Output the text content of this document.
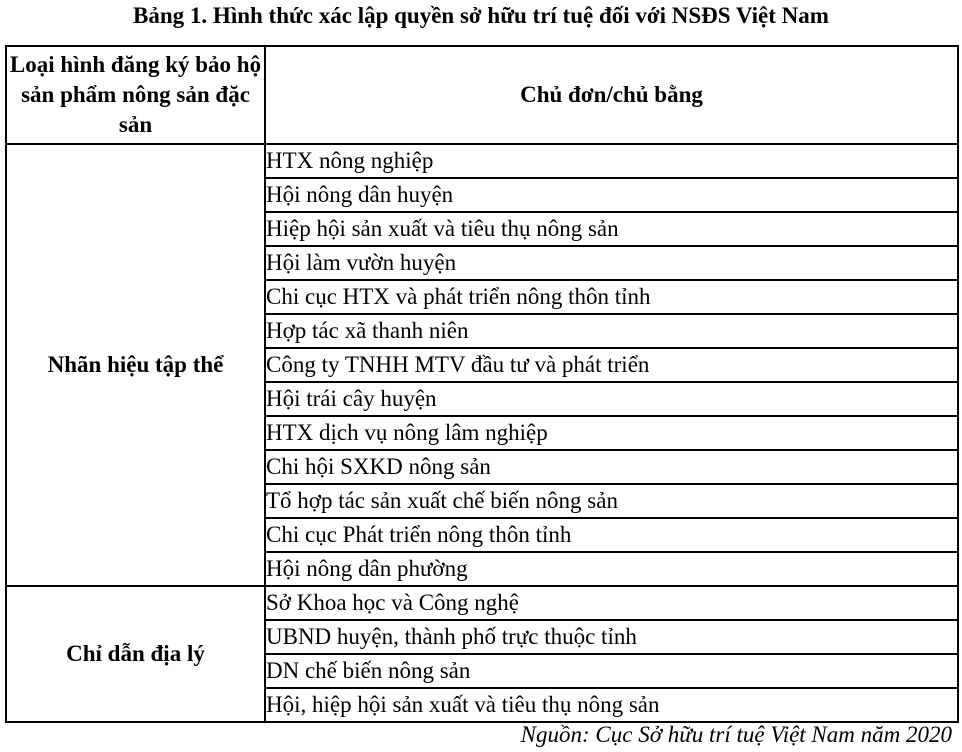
Bảng 1. Hình thức xác lập quyền sở hữu trí tuệ đối với NSĐS Việt Nam
Loại hình đăng ký bảo hộ sản phẩm nông sản đặc sản	Chủ đơn/chủ bằng
Nhãn hiệu tập thể	HTX nông nghiệp
	Hội nông dân huyện
	Hiệp hội sản xuất và tiêu thụ nông sản
	Hội làm vườn huyện
	Chi cục HTX và phát triển nông thôn tỉnh
	Hợp tác xã thanh niên
	Công ty TNHH MTV đầu tư và phát triển
	Hội trái cây huyện
	HTX dịch vụ nông lâm nghiệp
	Chi hội SXKD nông sản
	Tổ hợp tác sản xuất chế biến nông sản
	Chi cục Phát triển nông thôn tỉnh
	Hội nông dân phường
Chỉ dẫn địa lý	Sở Khoa học và Công nghệ
	UBND huyện, thành phố trực thuộc tỉnh
	DN chế biến nông sản
	Hội, hiệp hội sản xuất và tiêu thụ nông sản
Nguồn: Cục Sở hữu trí tuệ Việt Nam năm 2020
